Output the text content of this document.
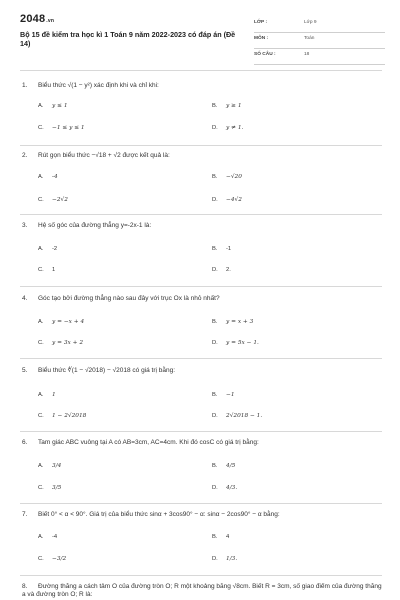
2048.vn
Bộ 15 đề kiểm tra học kì 1 Toán 9 năm 2022-2023 có đáp án (Đề 14)
LỚP :	Lớp 9
MÔN :	Toán
SỐ CÂU :	18
1. Biểu thức √(1 − y²) xác định khi và chỉ khi:
A. y ≤ 1	B. y ≥ 1
C. −1 ≤ y ≤ 1	D. y ≠ 1.
2. Rút gọn biểu thức −√18 + √2 được kết quả là:
A. -4	B. −√20
C. −2√2	D. −4√2
3. Hệ số góc của đường thẳng y=-2x-1 là:
A. -2	B. -1
C. 1	D. 2.
4. Góc tạo bởi đường thẳng nào sau đây với trục Ox là nhỏ nhất?
A. y = −x + 4	B. y = x + 3
C. y = 3x + 2	D. y = 5x − 1.
5. Biểu thức ∜(1 − √2018) − √2018 có giá trị bằng:
A. 1	B. −1
C. 1 − 2√2018	D. 2√2018 − 1.
6. Tam giác ABC vuông tại A có AB=3cm, AC=4cm. Khi đó cosC có giá trị bằng:
A. 3/4	B. 4/5
C. 3/5	D. 4/3.
7. Biết 0° < α < 90°. Giá trị của biểu thức sinα + 3cos90° − α: sinα − 2cos90° − α bằng:
A. -4	B. 4
C. −3/2	D. 1/3.
8. Đường thẳng a cách tâm O của đường tròn O; R một khoảng bằng √8cm. Biết R = 3cm, số giao điểm của đường thẳng a và đường tròn O; R là:
